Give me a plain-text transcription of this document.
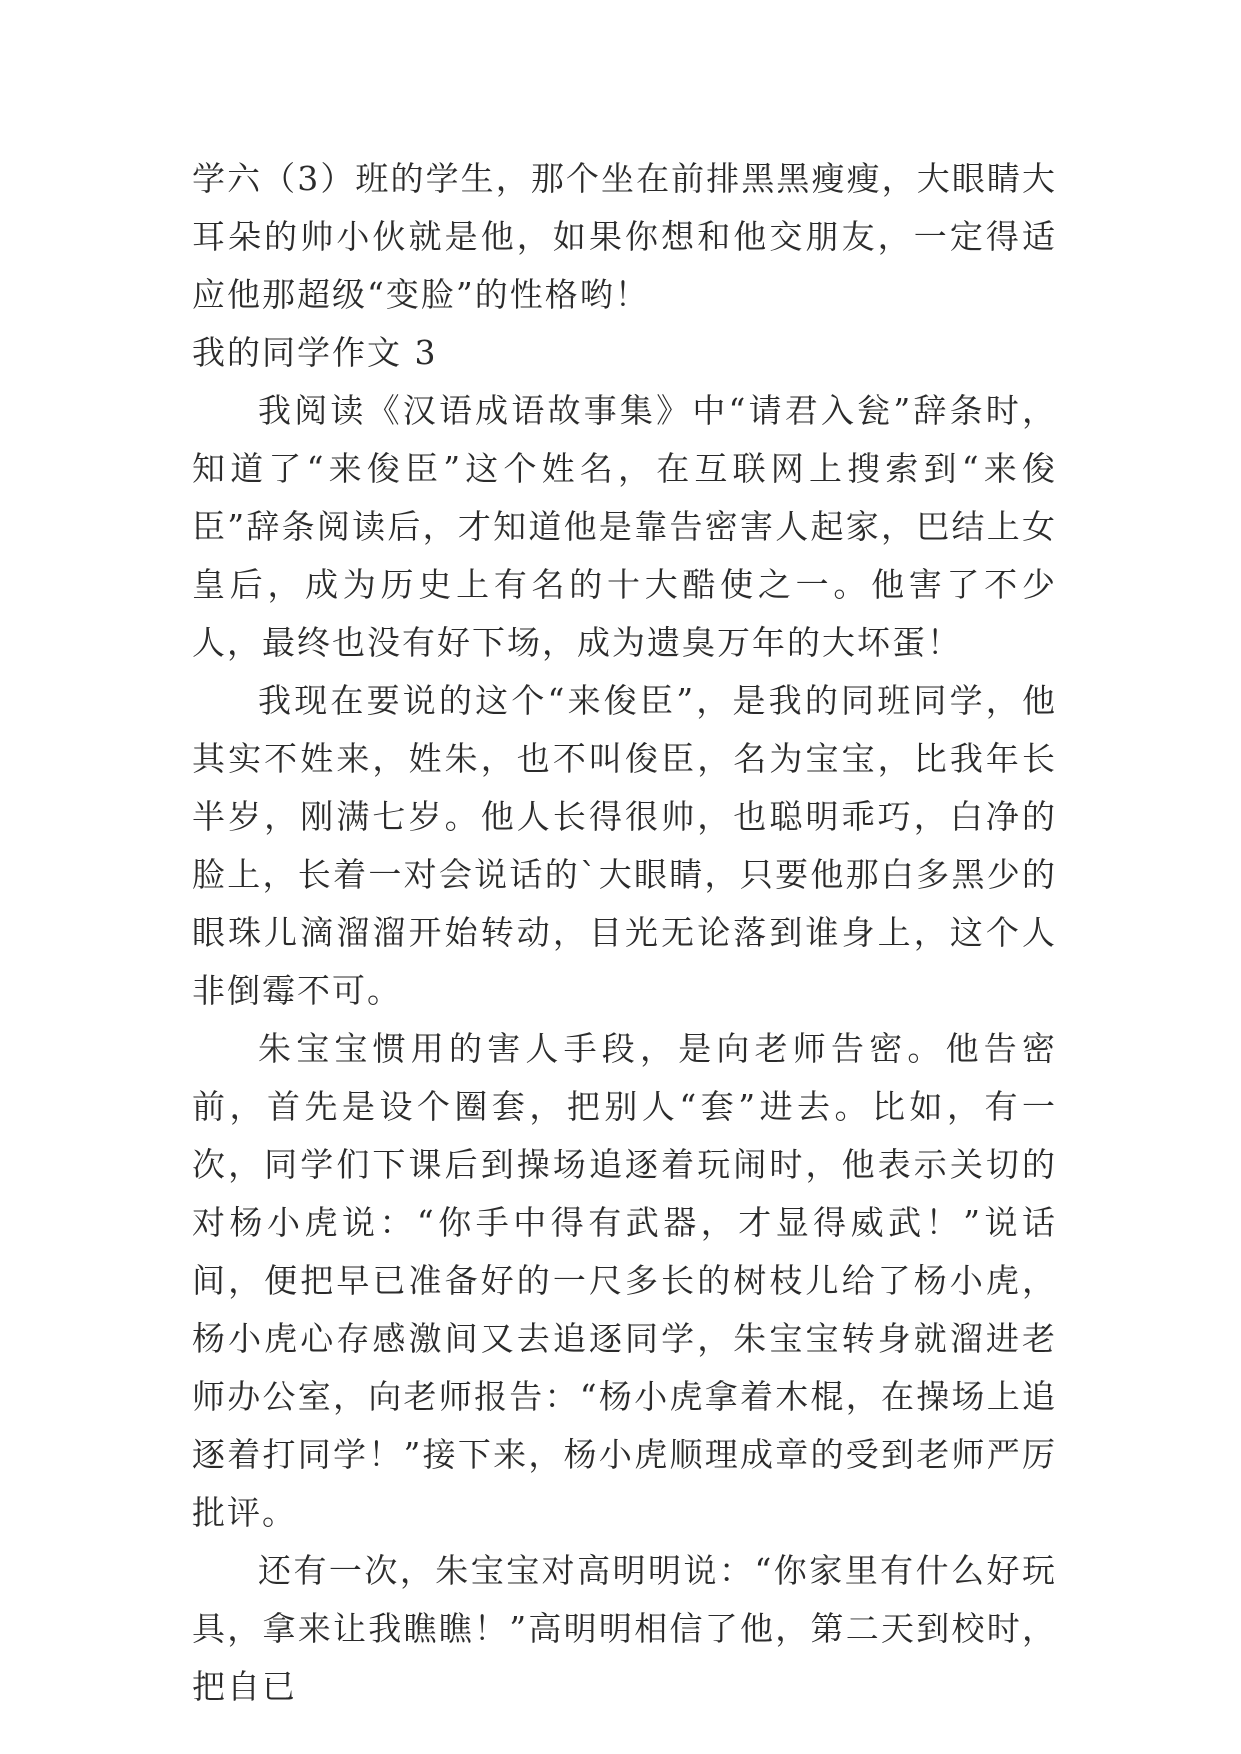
学六（3）班的学生，那个坐在前排黑黑瘦瘦，大眼睛大耳朵的帅小伙就是他，如果你想和他交朋友，一定得适应他那超级“变脸”的性格哟！

我的同学作文 3

我阅读《汉语成语故事集》中“请君入瓮”辞条时，知道了“来俊臣”这个姓名，在互联网上搜索到“来俊臣”辞条阅读后，才知道他是靠告密害人起家，巴结上女皇后，成为历史上有名的十大酷使之一。他害了不少人，最终也没有好下场，成为遗臭万年的大坏蛋！

我现在要说的这个“来俊臣”，是我的同班同学，他其实不姓来，姓朱，也不叫俊臣，名为宝宝，比我年长半岁，刚满七岁。他人长得很帅，也聪明乖巧，白净的脸上，长着一对会说话的`大眼睛，只要他那白多黑少的眼珠儿滴溜溜开始转动，目光无论落到谁身上，这个人非倒霉不可。

朱宝宝惯用的害人手段，是向老师告密。他告密前，首先是设个圈套，把别人“套”进去。比如，有一次，同学们下课后到操场追逐着玩闹时，他表示关切的对杨小虎说：“你手中得有武器，才显得威武！”说话间，便把早已准备好的一尺多长的树枝儿给了杨小虎，杨小虎心存感激间又去追逐同学，朱宝宝转身就溜进老师办公室，向老师报告：“杨小虎拿着木棍，在操场上追逐着打同学！”接下来，杨小虎顺理成章的受到老师严厉批评。

还有一次，朱宝宝对高明明说：“你家里有什么好玩具，拿来让我瞧瞧！”高明明相信了他，第二天到校时，把自已
